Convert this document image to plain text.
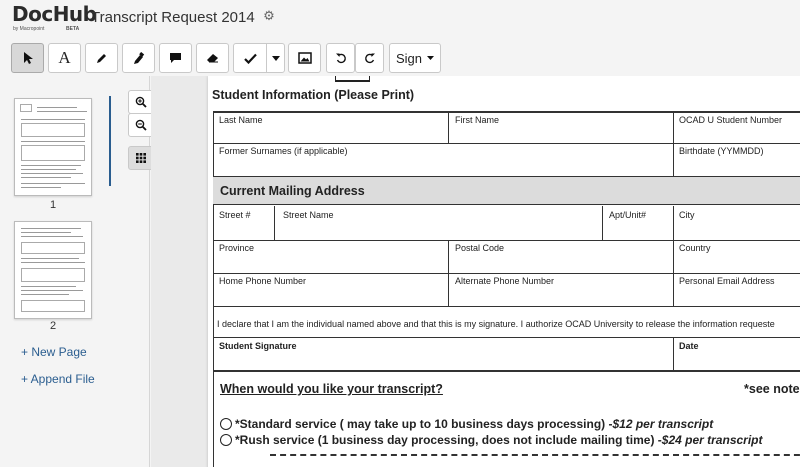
DocHub
by Macropoint	BETA
Transcript Request 2014 ⚙
A	Sign
1
2
+ New Page
+ Append File
Student Information (Please Print)
Last Name	First Name	OCAD U Student Number
Former Surnames (if applicable)	Birthdate (YYMMDD)
Current Mailing Address
Street #	Street Name	Apt/Unit#	City
Province	Postal Code	Country
Home Phone Number	Alternate Phone Number	Personal Email Address
I declare that I am the individual named above and that this is my signature. I authorize OCAD University to release the information requeste
Student Signature	Date
When would you like your transcript?	*see note
*Standard service ( may take up to 10 business days processing) - $12 per transcript
*Rush service (1 business day processing, does not include mailing time) - $24 per transcript
